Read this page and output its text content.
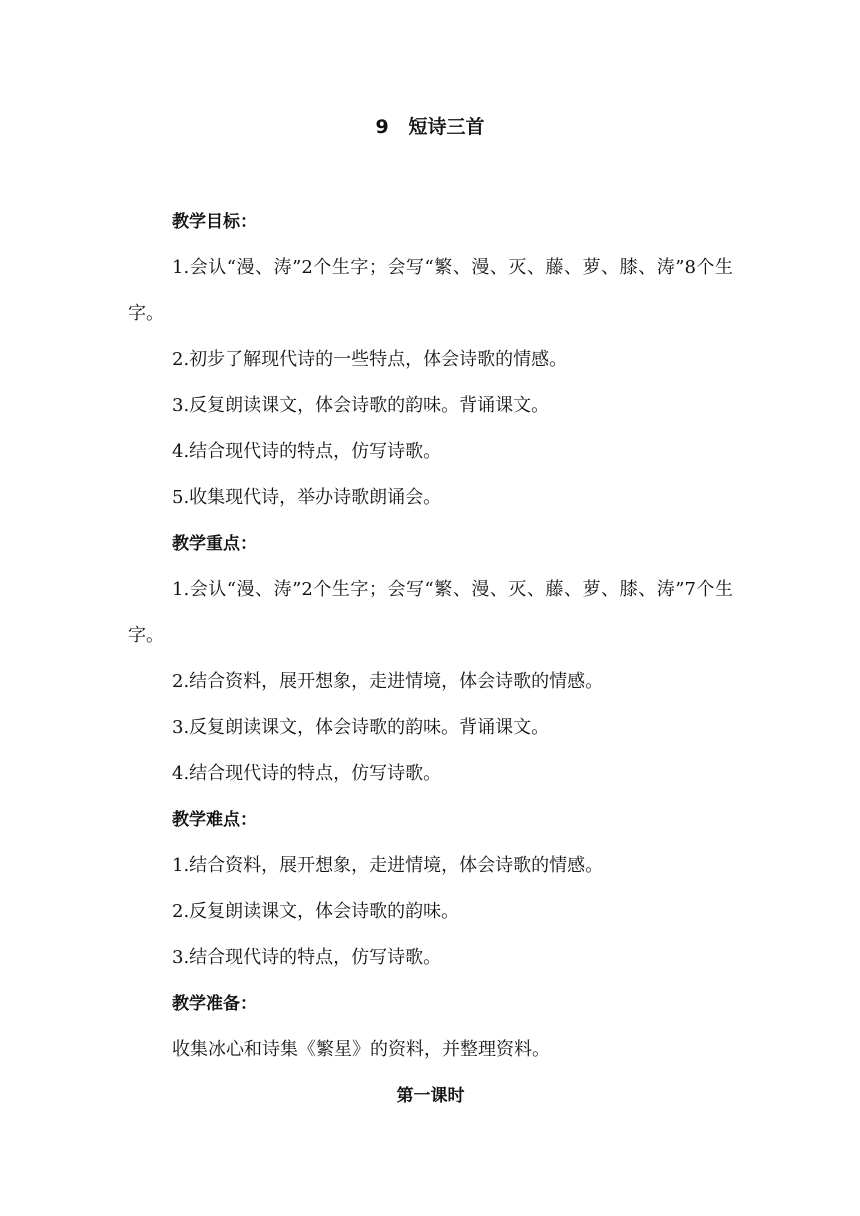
9   短诗三首

教学目标：

1.会认“漫、涛”2个生字；会写“繁、漫、灭、藤、萝、膝、涛”8个生字。

2.初步了解现代诗的一些特点，体会诗歌的情感。

3.反复朗读课文，体会诗歌的韵味。背诵课文。

4.结合现代诗的特点，仿写诗歌。

5.收集现代诗，举办诗歌朗诵会。

教学重点：

1.会认“漫、涛”2个生字；会写“繁、漫、灭、藤、萝、膝、涛”7个生字。

2.结合资料，展开想象，走进情境，体会诗歌的情感。

3.反复朗读课文，体会诗歌的韵味。背诵课文。

4.结合现代诗的特点，仿写诗歌。

教学难点：

1.结合资料，展开想象，走进情境，体会诗歌的情感。

2.反复朗读课文，体会诗歌的韵味。

3.结合现代诗的特点，仿写诗歌。

教学准备：

收集冰心和诗集《繁星》的资料，并整理资料。

第一课时
